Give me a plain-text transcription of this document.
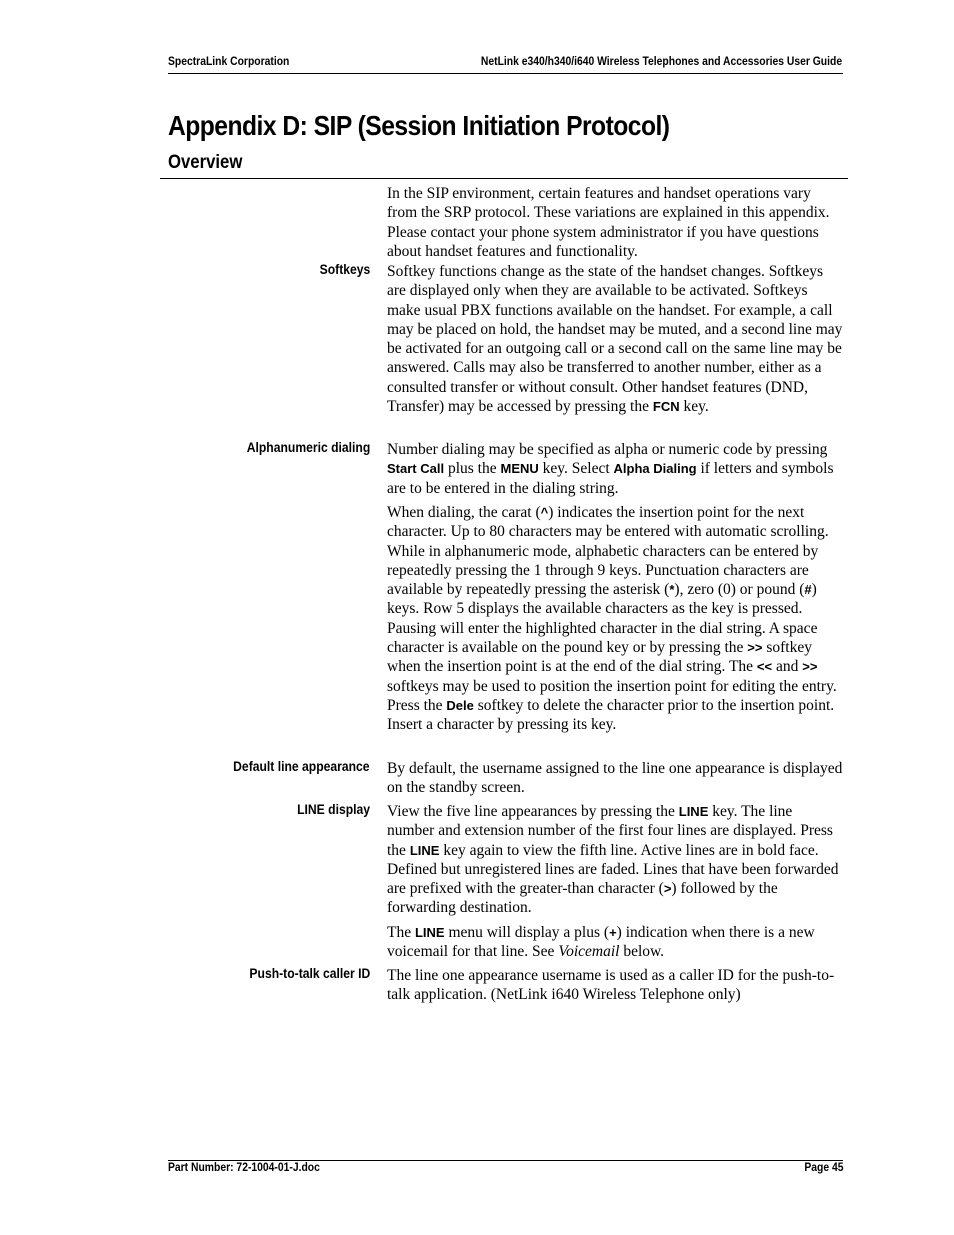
SpectraLink Corporation	NetLink e340/h340/i640 Wireless Telephones and Accessories User Guide
Appendix D: SIP (Session Initiation Protocol)
Overview

In the SIP environment, certain features and handset operations vary from the SRP protocol. These variations are explained in this appendix. Please contact your phone system administrator if you have questions about handset features and functionality.

Softkeys Softkey functions change as the state of the handset changes. Softkeys are displayed only when they are available to be activated. Softkeys make usual PBX functions available on the handset. For example, a call may be placed on hold, the handset may be muted, and a second line may be activated for an outgoing call or a second call on the same line may be answered. Calls may also be transferred to another number, either as a consulted transfer or without consult. Other handset features (DND, Transfer) may be accessed by pressing the FCN key.

Alphanumeric dialing Number dialing may be specified as alpha or numeric code by pressing Start Call plus the MENU key. Select Alpha Dialing if letters and symbols are to be entered in the dialing string.

When dialing, the carat (^) indicates the insertion point for the next character. Up to 80 characters may be entered with automatic scrolling. While in alphanumeric mode, alphabetic characters can be entered by repeatedly pressing the 1 through 9 keys. Punctuation characters are available by repeatedly pressing the asterisk (*), zero (0) or pound (#) keys. Row 5 displays the available characters as the key is pressed. Pausing will enter the highlighted character in the dial string. A space character is available on the pound key or by pressing the >> softkey when the insertion point is at the end of the dial string. The << and >> softkeys may be used to position the insertion point for editing the entry. Press the Dele softkey to delete the character prior to the insertion point. Insert a character by pressing its key.

Default line appearance By default, the username assigned to the line one appearance is displayed on the standby screen.

LINE display View the five line appearances by pressing the LINE key. The line number and extension number of the first four lines are displayed. Press the LINE key again to view the fifth line. Active lines are in bold face. Defined but unregistered lines are faded. Lines that have been forwarded are prefixed with the greater-than character (>) followed by the forwarding destination.

The LINE menu will display a plus (+) indication when there is a new voicemail for that line. See Voicemail below.

Push-to-talk caller ID The line one appearance username is used as a caller ID for the push-to-talk application. (NetLink i640 Wireless Telephone only)

Part Number: 72-1004-01-J.doc	Page 45
